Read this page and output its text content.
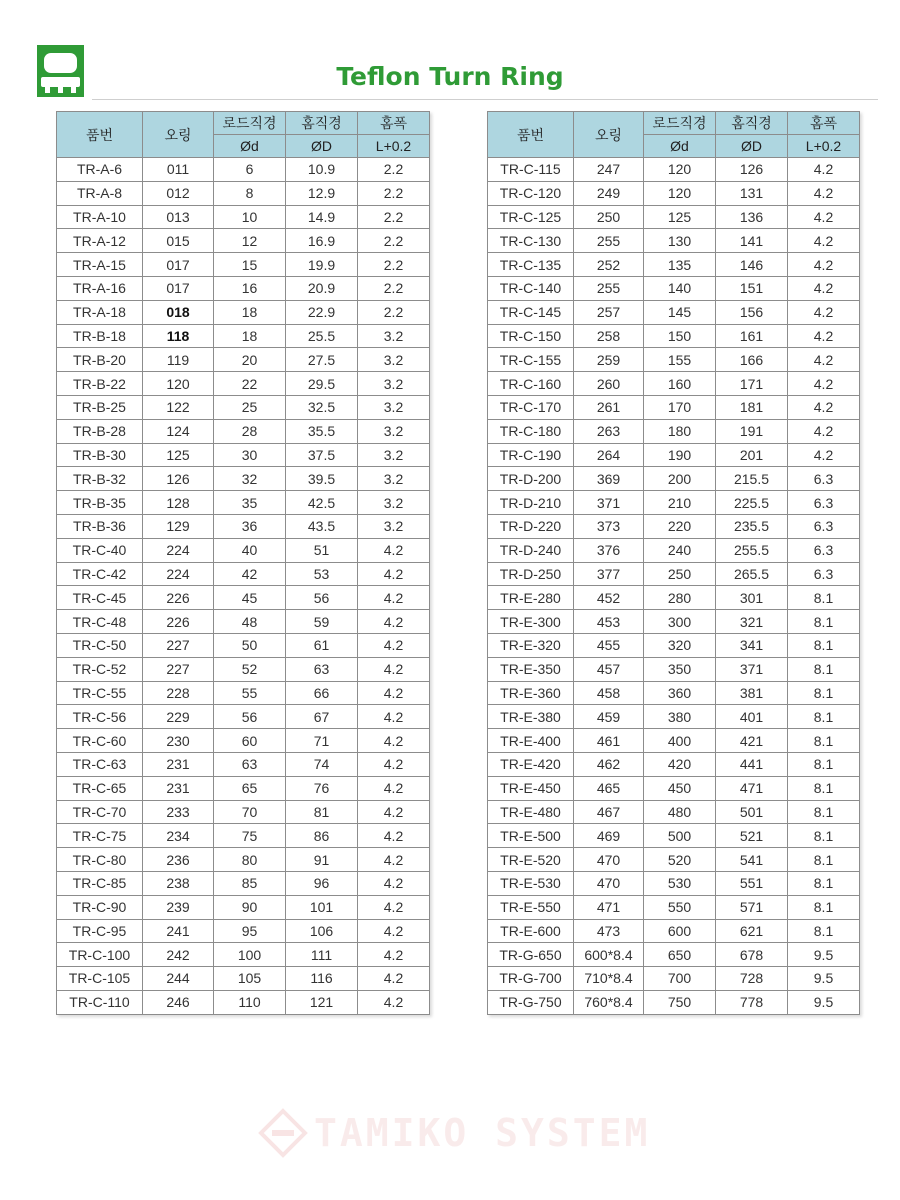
Teflon Turn Ring
품번	오링	로드직경	홈직경	홈폭
		Ød	ØD	L+0.2
TR-A-6	011	6	10.9	2.2
TR-A-8	012	8	12.9	2.2
TR-A-10	013	10	14.9	2.2
TR-A-12	015	12	16.9	2.2
TR-A-15	017	15	19.9	2.2
TR-A-16	017	16	20.9	2.2
TR-A-18	018	18	22.9	2.2
TR-B-18	118	18	25.5	3.2
TR-B-20	119	20	27.5	3.2
TR-B-22	120	22	29.5	3.2
TR-B-25	122	25	32.5	3.2
TR-B-28	124	28	35.5	3.2
TR-B-30	125	30	37.5	3.2
TR-B-32	126	32	39.5	3.2
TR-B-35	128	35	42.5	3.2
TR-B-36	129	36	43.5	3.2
TR-C-40	224	40	51	4.2
TR-C-42	224	42	53	4.2
TR-C-45	226	45	56	4.2
TR-C-48	226	48	59	4.2
TR-C-50	227	50	61	4.2
TR-C-52	227	52	63	4.2
TR-C-55	228	55	66	4.2
TR-C-56	229	56	67	4.2
TR-C-60	230	60	71	4.2
TR-C-63	231	63	74	4.2
TR-C-65	231	65	76	4.2
TR-C-70	233	70	81	4.2
TR-C-75	234	75	86	4.2
TR-C-80	236	80	91	4.2
TR-C-85	238	85	96	4.2
TR-C-90	239	90	101	4.2
TR-C-95	241	95	106	4.2
TR-C-100	242	100	111	4.2
TR-C-105	244	105	116	4.2
TR-C-110	246	110	121	4.2
품번	오링	로드직경	홈직경	홈폭
		Ød	ØD	L+0.2
TR-C-115	247	120	126	4.2
TR-C-120	249	120	131	4.2
TR-C-125	250	125	136	4.2
TR-C-130	255	130	141	4.2
TR-C-135	252	135	146	4.2
TR-C-140	255	140	151	4.2
TR-C-145	257	145	156	4.2
TR-C-150	258	150	161	4.2
TR-C-155	259	155	166	4.2
TR-C-160	260	160	171	4.2
TR-C-170	261	170	181	4.2
TR-C-180	263	180	191	4.2
TR-C-190	264	190	201	4.2
TR-D-200	369	200	215.5	6.3
TR-D-210	371	210	225.5	6.3
TR-D-220	373	220	235.5	6.3
TR-D-240	376	240	255.5	6.3
TR-D-250	377	250	265.5	6.3
TR-E-280	452	280	301	8.1
TR-E-300	453	300	321	8.1
TR-E-320	455	320	341	8.1
TR-E-350	457	350	371	8.1
TR-E-360	458	360	381	8.1
TR-E-380	459	380	401	8.1
TR-E-400	461	400	421	8.1
TR-E-420	462	420	441	8.1
TR-E-450	465	450	471	8.1
TR-E-480	467	480	501	8.1
TR-E-500	469	500	521	8.1
TR-E-520	470	520	541	8.1
TR-E-530	470	530	551	8.1
TR-E-550	471	550	571	8.1
TR-E-600	473	600	621	8.1
TR-G-650	600*8.4	650	678	9.5
TR-G-700	710*8.4	700	728	9.5
TR-G-750	760*8.4	750	778	9.5
TAMIKO SYSTEM
